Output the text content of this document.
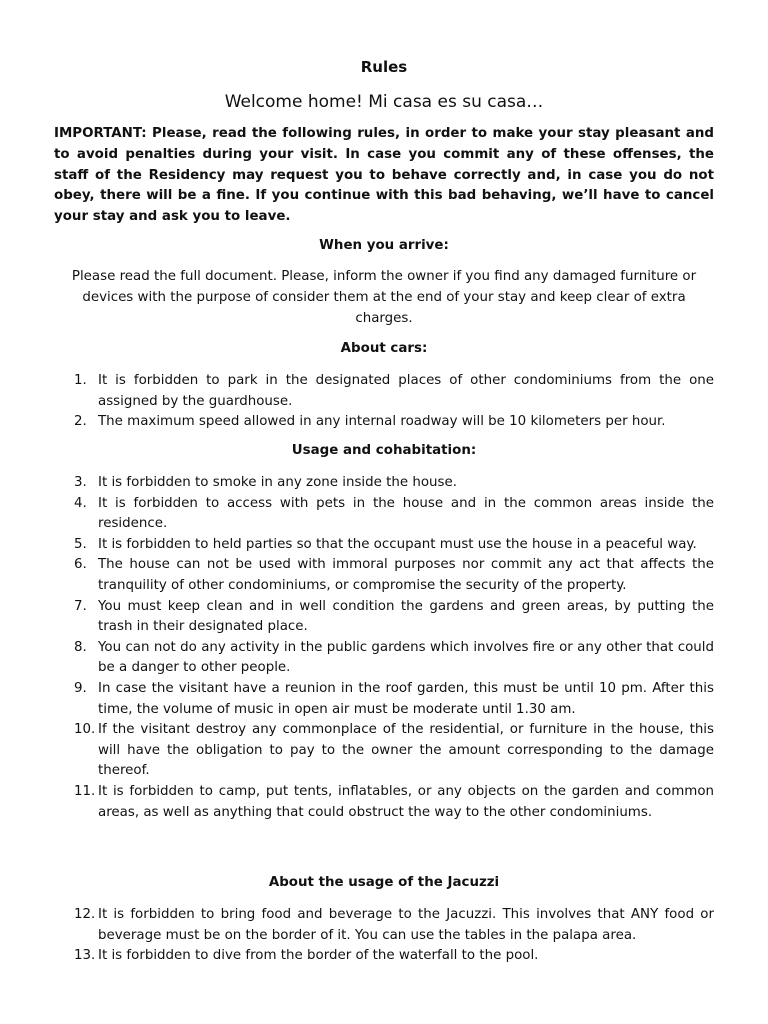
Rules
Welcome home! Mi casa es su casa…
IMPORTANT: Please, read the following rules, in order to make your stay pleasant and to avoid penalties during your visit. In case you commit any of these offenses, the staff of the Residency may request you to behave correctly and, in case you do not obey, there will be a fine. If you continue with this bad behaving, we’ll have to cancel your stay and ask you to leave.
When you arrive:
Please read the full document. Please, inform the owner if you find any damaged furniture or devices with the purpose of consider them at the end of your stay and keep clear of extra charges.
About cars:
1. It is forbidden to park in the designated places of other condominiums from the one assigned by the guardhouse.
2. The maximum speed allowed in any internal roadway will be 10 kilometers per hour.
Usage and cohabitation:
3. It is forbidden to smoke in any zone inside the house.
4. It is forbidden to access with pets in the house and in the common areas inside the residence.
5. It is forbidden to held parties so that the occupant must use the house in a peaceful way.
6. The house can not be used with immoral purposes nor commit any act that affects the tranquility of other condominiums, or compromise the security of the property.
7. You must keep clean and in well condition the gardens and green areas, by putting the trash in their designated place.
8. You can not do any activity in the public gardens which involves fire or any other that could be a danger to other people.
9. In case the visitant have a reunion in the roof garden, this must be until 10 pm. After this time, the volume of music in open air must be moderate until 1.30 am.
10. If the visitant destroy any commonplace of the residential, or furniture in the house, this will have the obligation to pay to the owner the amount corresponding to the damage thereof.
11. It is forbidden to camp, put tents, inflatables, or any objects on the garden and common areas, as well as anything that could obstruct the way to the other condominiums.
About the usage of the Jacuzzi
12. It is forbidden to bring food and beverage to the Jacuzzi. This involves that ANY food or beverage must be on the border of it. You can use the tables in the palapa area.
13. It is forbidden to dive from the border of the waterfall to the pool.
